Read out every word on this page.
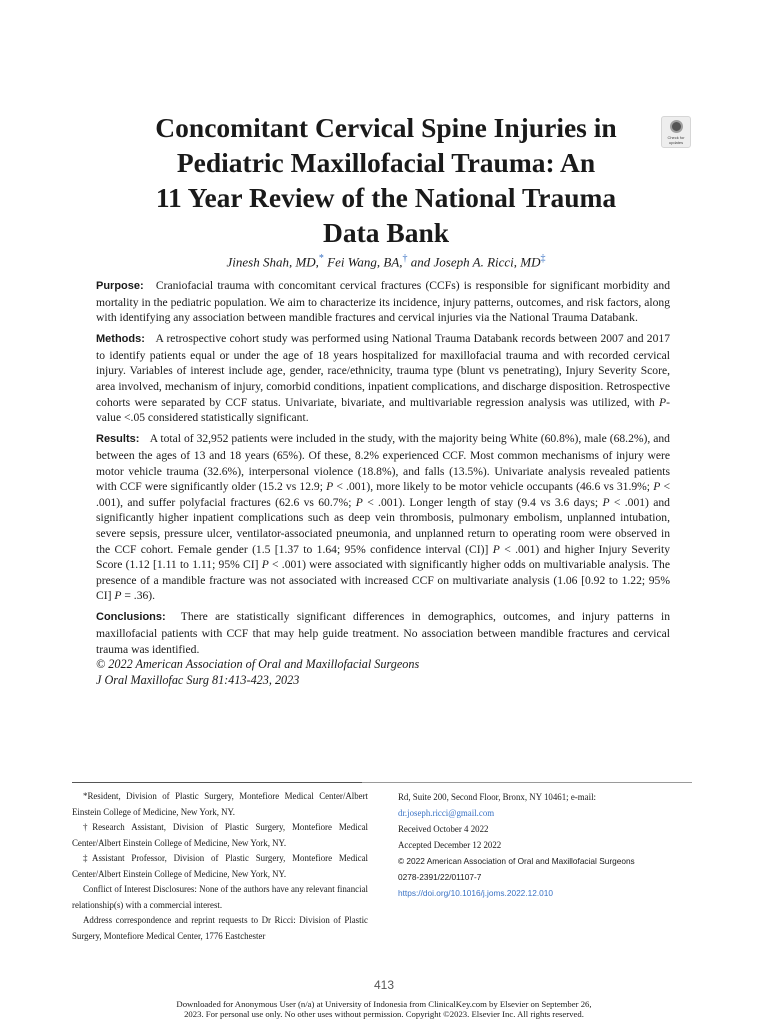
Concomitant Cervical Spine Injuries in
Pediatric Maxillofacial Trauma: An
11 Year Review of the National Trauma
Data Bank
Check for
updates
Jinesh Shah, MD,* Fei Wang, BA,† and Joseph A. Ricci, MD‡

Purpose: Craniofacial trauma with concomitant cervical fractures (CCFs) is responsible for significant morbidity and mortality in the pediatric population. We aim to characterize its incidence, injury patterns, outcomes, and risk factors, along with identifying any association between mandible fractures and cervical injuries via the National Trauma Databank.

Methods: A retrospective cohort study was performed using National Trauma Databank records between 2007 and 2017 to identify patients equal or under the age of 18 years hospitalized for maxillofacial trauma and with recorded cervical injury. Variables of interest include age, gender, race/ethnicity, trauma type (blunt vs penetrating), Injury Severity Score, area involved, mechanism of injury, comorbid conditions, inpatient complications, and discharge disposition. Retrospective cohorts were separated by CCF status. Univariate, bivariate, and multivariable regression analysis was utilized, with P-value <.05 considered statistically significant.

Results: A total of 32,952 patients were included in the study, with the majority being White (60.8%), male (68.2%), and between the ages of 13 and 18 years (65%). Of these, 8.2% experienced CCF. Most common mechanisms of injury were motor vehicle trauma (32.6%), interpersonal violence (18.8%), and falls (13.5%). Univariate analysis revealed patients with CCF were significantly older (15.2 vs 12.9; P < .001), more likely to be motor vehicle occupants (46.6 vs 31.9%; P < .001), and suffer polyfacial fractures (62.6 vs 60.7%; P < .001). Longer length of stay (9.4 vs 3.6 days; P < .001) and significantly higher inpatient complications such as deep vein thrombosis, pulmonary embolism, unplanned intubation, severe sepsis, pressure ulcer, ventilator-associated pneumonia, and unplanned return to operating room were observed in the CCF cohort. Female gender (1.5 [1.37 to 1.64; 95% confidence interval (CI)] P < .001) and higher Injury Severity Score (1.12 [1.11 to 1.11; 95% CI] P < .001) were associated with significantly higher odds on multivariable analysis. The presence of a mandible fracture was not associated with increased CCF on multivariate analysis (1.06 [0.92 to 1.22; 95% CI] P = .36).

Conclusions: There are statistically significant differences in demographics, outcomes, and injury patterns in maxillofacial patients with CCF that may help guide treatment. No association between mandible fractures and cervical trauma was identified.

© 2022 American Association of Oral and Maxillofacial Surgeons

J Oral Maxillofac Surg 81:413-423, 2023

*Resident, Division of Plastic Surgery, Montefiore Medical Center/Albert Einstein College of Medicine, New York, NY.

†Research Assistant, Division of Plastic Surgery, Montefiore Medical Center/Albert Einstein College of Medicine, New York, NY.

‡Assistant Professor, Division of Plastic Surgery, Montefiore Medical Center/Albert Einstein College of Medicine, New York, NY.

Conflict of Interest Disclosures: None of the authors have any relevant financial relationship(s) with a commercial interest.

Address correspondence and reprint requests to Dr Ricci: Division of Plastic Surgery, Montefiore Medical Center, 1776 Eastchester

Rd, Suite 200, Second Floor, Bronx, NY 10461; e-mail: dr.joseph.ricci@gmail.com

Received October 4 2022

Accepted December 12 2022

© 2022 American Association of Oral and Maxillofacial Surgeons

0278-2391/22/01107-7

https://doi.org/10.1016/j.joms.2022.12.010

413
Downloaded for Anonymous User (n/a) at University of Indonesia from ClinicalKey.com by Elsevier on September 26,
2023. For personal use only. No other uses without permission. Copyright ©2023. Elsevier Inc. All rights reserved.
